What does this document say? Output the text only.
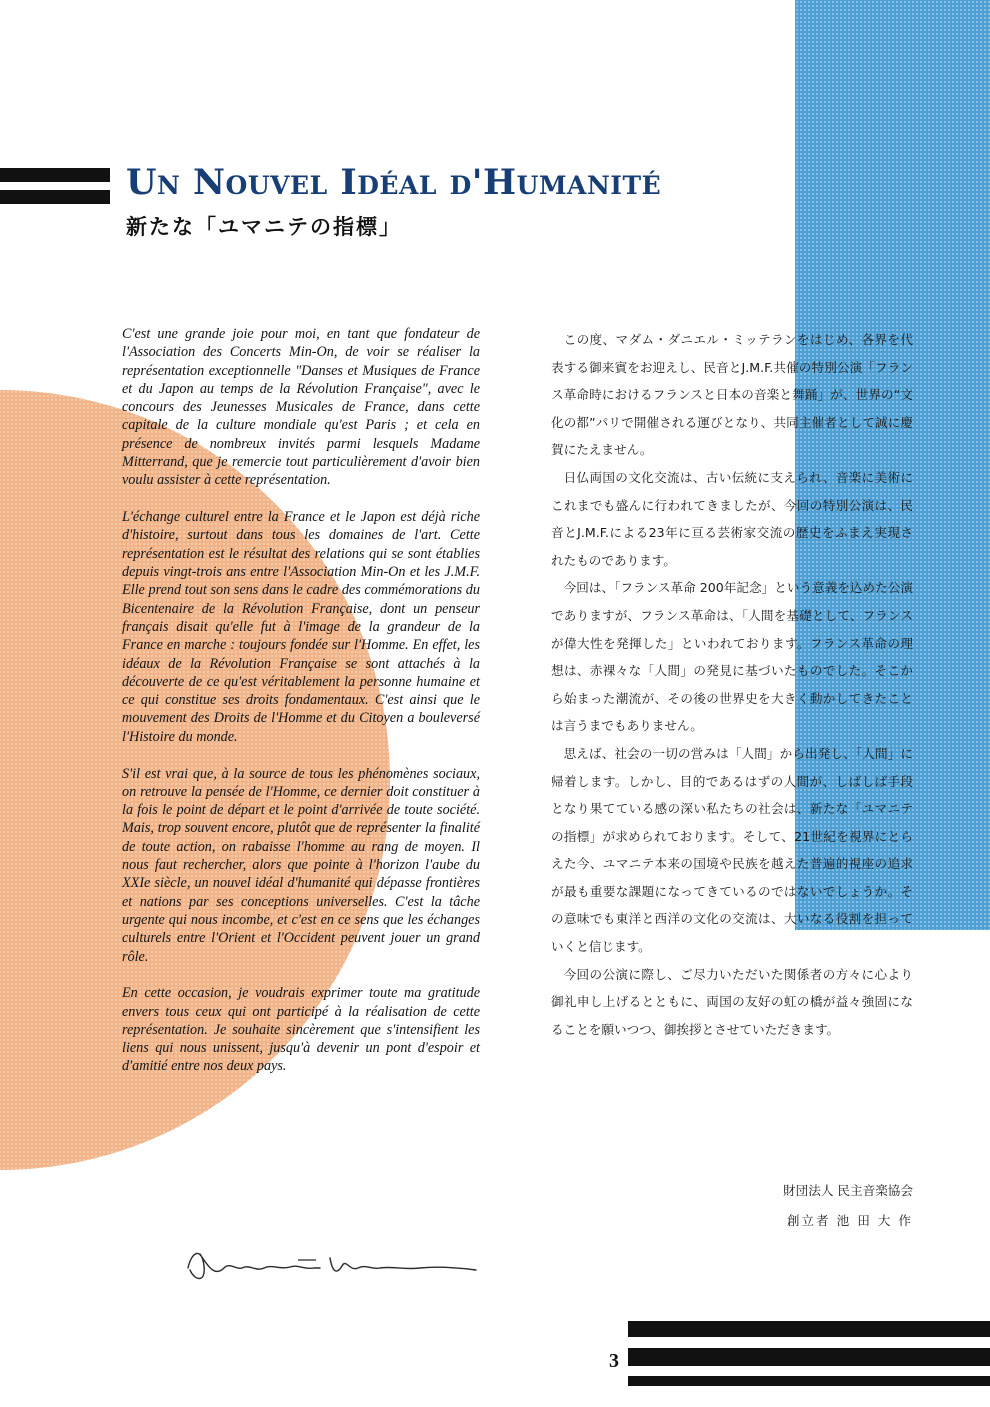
Un Nouvel Idéal d'Humanité
新たな「ユマニテの指標」

C'est une grande joie pour moi, en tant que fondateur de l'Association des Concerts Min-On, de voir se réaliser la représentation exceptionnelle "Danses et Musiques de France et du Japon au temps de la Révolution Française", avec le concours des Jeunesses Musicales de France, dans cette capitale de la culture mondiale qu'est Paris ; et cela en présence de nombreux invités parmi lesquels Madame Mitterrand, que je remercie tout particulièrement d'avoir bien voulu assister à cette représentation.

L'échange culturel entre la France et le Japon est déjà riche d'histoire, surtout dans tous les domaines de l'art. Cette représentation est le résultat des relations qui se sont établies depuis vingt-trois ans entre l'Association Min-On et les J.M.F. Elle prend tout son sens dans le cadre des commémorations du Bicentenaire de la Révolution Française, dont un penseur français disait qu'elle fut à l'image de la grandeur de la France en marche : toujours fondée sur l'Homme. En effet, les idéaux de la Révolution Française se sont attachés à la découverte de ce qu'est véritablement la personne humaine et ce qui constitue ses droits fondamentaux. C'est ainsi que le mouvement des Droits de l'Homme et du Citoyen a bouleversé l'Histoire du monde.

S'il est vrai que, à la source de tous les phénomènes sociaux, on retrouve la pensée de l'Homme, ce dernier doit constituer à la fois le point de départ et le point d'arrivée de toute société. Mais, trop souvent encore, plutôt que de représenter la finalité de toute action, on rabaisse l'homme au rang de moyen. Il nous faut rechercher, alors que pointe à l'horizon l'aube du XXIe siècle, un nouvel idéal d'humanité qui dépasse frontières et nations par ses conceptions universelles. C'est la tâche urgente qui nous incombe, et c'est en ce sens que les échanges culturels entre l'Orient et l'Occident peuvent jouer un grand rôle.

En cette occasion, je voudrais exprimer toute ma gratitude envers tous ceux qui ont participé à la réalisation de cette représentation. Je souhaite sincèrement que s'intensifient les liens qui nous unissent, jusqu'à devenir un pont d'espoir et d'amitié entre nos deux pays.

この度、マダム・ダニエル・ミッテランをはじめ、各界を代表する御来賓をお迎えし、民音とJ.M.F.共催の特別公演「フランス革命時におけるフランスと日本の音楽と舞踊」が、世界の“文化の都”パリで開催される運びとなり、共同主催者として誠に慶賀にたえません。

日仏両国の文化交流は、古い伝統に支えられ、音楽に美術にこれまでも盛んに行われてきましたが、今回の特別公演は、民音とJ.M.F.による23年に亘る芸術家交流の歴史をふまえ実現されたものであります。

今回は、「フランス革命 200年記念」という意義を込めた公演でありますが、フランス革命は、「人間を基礎として、フランスが偉大性を発揮した」といわれております。フランス革命の理想は、赤裸々な「人間」の発見に基づいたものでした。そこから始まった潮流が、その後の世界史を大きく動かしてきたことは言うまでもありません。

思えば、社会の一切の営みは「人間」から出発し、「人間」に帰着します。しかし、目的であるはずの人間が、しばしば手段となり果てている感の深い私たちの社会は、新たな「ユマニテの指標」が求められております。そして、21世紀を視界にとらえた今、ユマニテ本来の国境や民族を越えた普遍的視座の追求が最も重要な課題になってきているのではないでしょうか。その意味でも東洋と西洋の文化の交流は、大いなる役割を担っていくと信じます。

今回の公演に際し、ご尽力いただいた関係者の方々に心より御礼申し上げるとともに、両国の友好の虹の橋が益々強固になることを願いつつ、御挨拶とさせていただきます。

財団法人 民主音楽協会
創立者 池 田 大 作
3
